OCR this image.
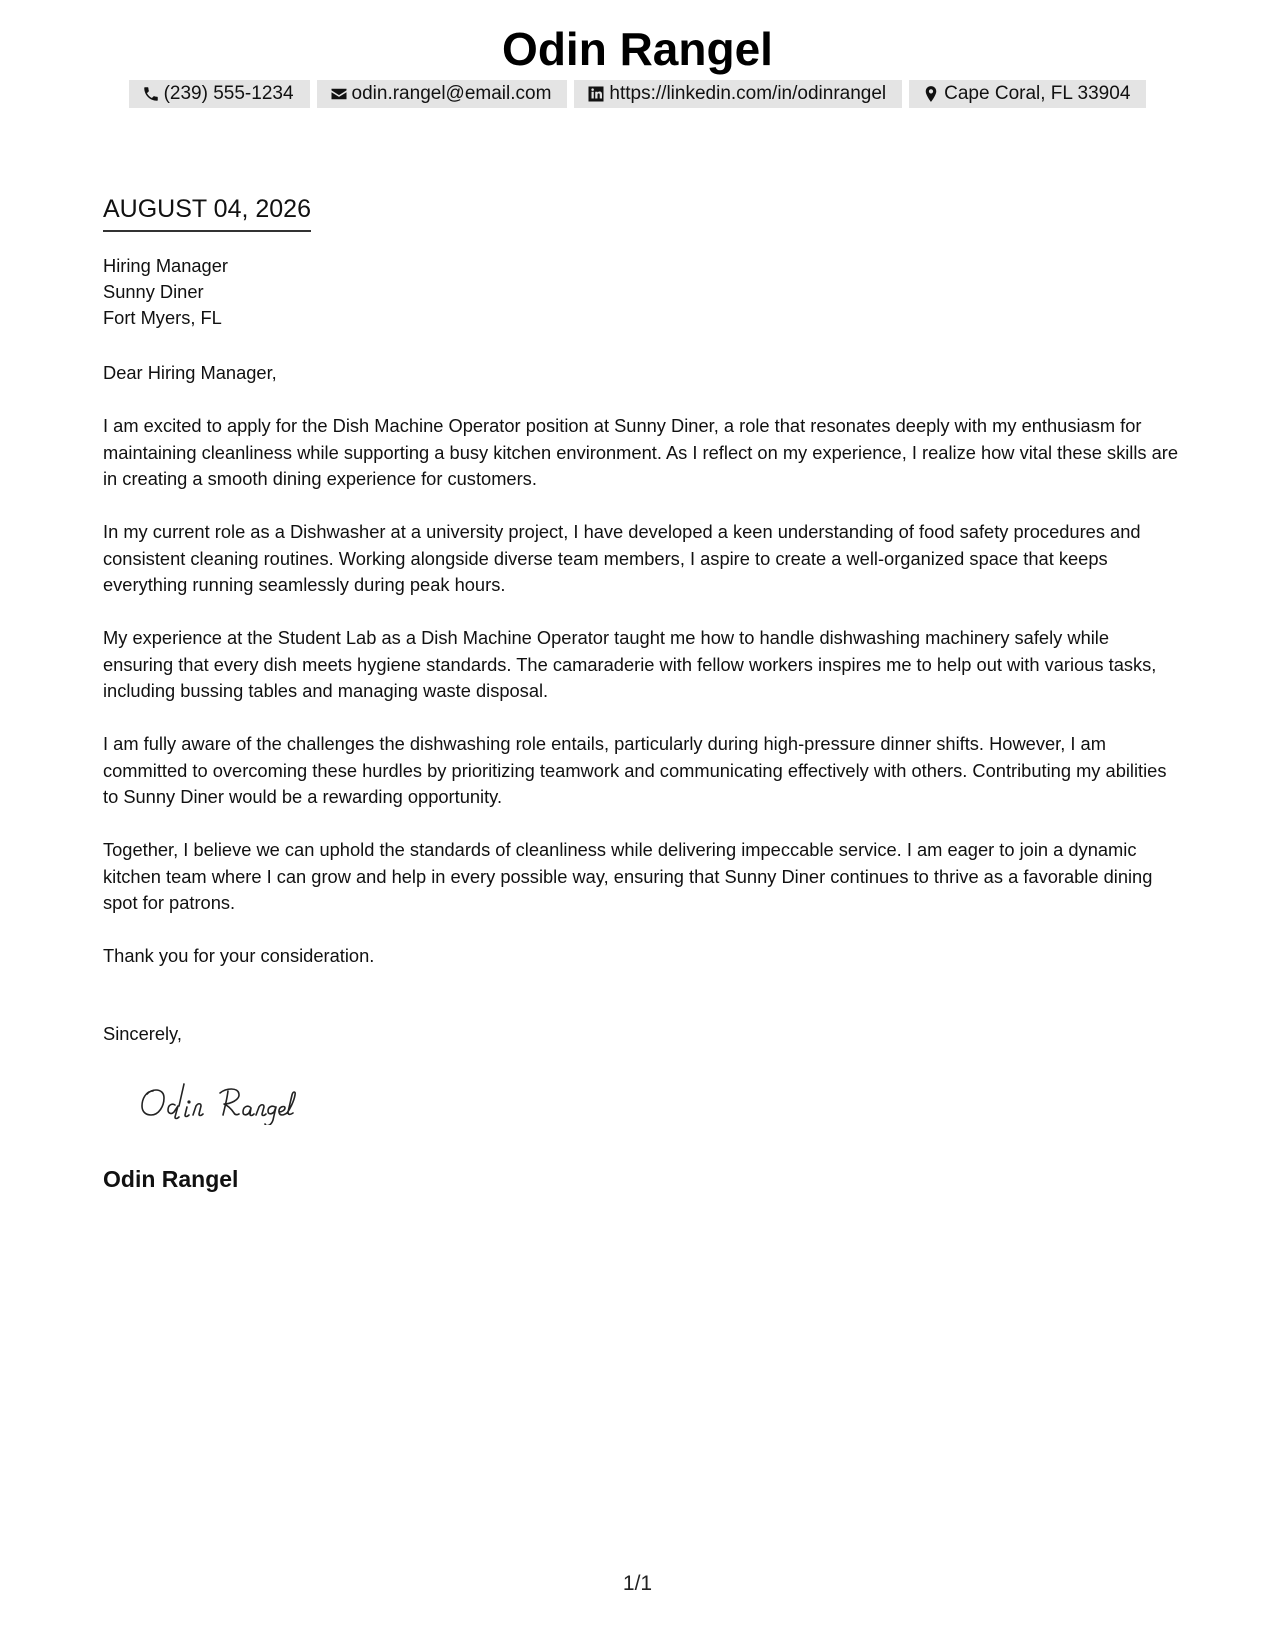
Odin Rangel
(239) 555-1234	odin.rangel@email.com	https://linkedin.com/in/odinrangel	Cape Coral, FL 33904
AUGUST 04, 2026
Hiring Manager
Sunny Diner
Fort Myers, FL
Dear Hiring Manager,

I am excited to apply for the Dish Machine Operator position at Sunny Diner, a role that resonates deeply with my enthusiasm for maintaining cleanliness while supporting a busy kitchen environment. As I reflect on my experience, I realize how vital these skills are in creating a smooth dining experience for customers.

In my current role as a Dishwasher at a university project, I have developed a keen understanding of food safety procedures and consistent cleaning routines. Working alongside diverse team members, I aspire to create a well-organized space that keeps everything running seamlessly during peak hours.

My experience at the Student Lab as a Dish Machine Operator taught me how to handle dishwashing machinery safely while ensuring that every dish meets hygiene standards. The camaraderie with fellow workers inspires me to help out with various tasks, including bussing tables and managing waste disposal.

I am fully aware of the challenges the dishwashing role entails, particularly during high-pressure dinner shifts. However, I am committed to overcoming these hurdles by prioritizing teamwork and communicating effectively with others. Contributing my abilities to Sunny Diner would be a rewarding opportunity.

Together, I believe we can uphold the standards of cleanliness while delivering impeccable service. I am eager to join a dynamic kitchen team where I can grow and help in every possible way, ensuring that Sunny Diner continues to thrive as a favorable dining spot for patrons.

Thank you for your consideration.

Sincerely,
Odin Rangel
1/1
